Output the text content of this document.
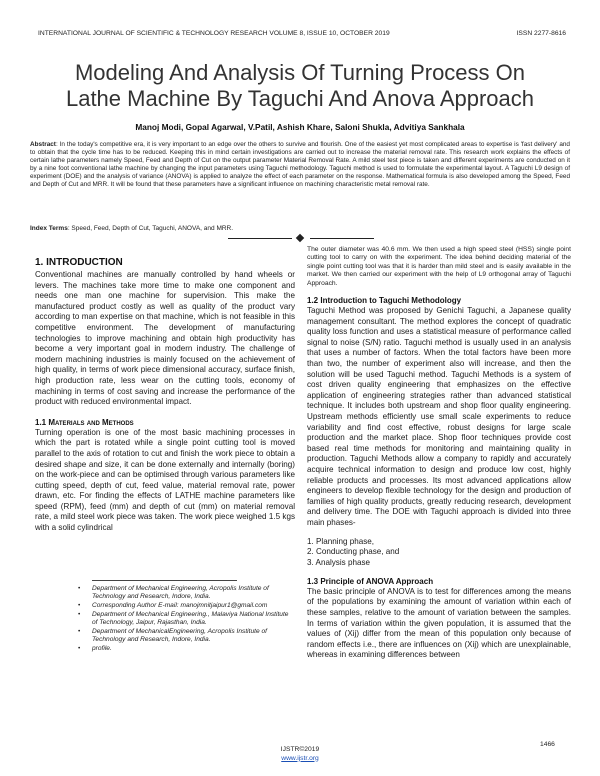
INTERNATIONAL JOURNAL OF SCIENTIFIC & TECHNOLOGY RESEARCH VOLUME 8, ISSUE 10, OCTOBER 2019	ISSN 2277-8616
Modeling And Analysis Of Turning Process On
Lathe Machine By Taguchi And Anova Approach
Manoj Modi, Gopal Agarwal, V.Patil, Ashish Khare, Saloni Shukla, Advitiya Sankhala
Abstract: In the today's competitive era, it is very important to an edge over the others to survive and flourish. One of the easiest yet most complicated areas to expertise is 'fast delivery' and to obtain that the cycle time has to be reduced. Keeping this in mind certain investigations are carried out to increase the material removal rate. This research work explains the effects of certain lathe parameters namely Speed, Feed and Depth of Cut on the output parameter Material Removal Rate. A mild steel test piece is taken and different experiments are conducted on it by a nine foot conventional lathe machine by changing the input parameters using Taguchi methodology. Taguchi method is used to formulate the experimental layout. A Taguchi L9 design of experiment (DOE) and the analysis of variance (ANOVA) is applied to analyze the effect of each parameter on the response. Mathematical formula is also developed among the Speed, Feed and Depth of Cut and MRR. It will be found that these parameters have a significant influence on machining characteristic metal removal rate.
Index Terms: Speed, Feed, Depth of Cut, Taguchi, ANOVA, and MRR.
1. INTRODUCTION

Conventional machines are manually controlled by hand wheels or levers. The machines take more time to make one component and needs one man one machine for supervision. This make the manufactured product costly as well as quality of the product vary according to man expertise on that machine, which is not feasible in this competitive environment. The development of manufacturing technologies to improve machining and obtain high productivity has become a very important goal in modern industry. The challenge of modern machining industries is mainly focused on the achievement of high quality, in terms of work piece dimensional accuracy, surface finish, high production rate, less wear on the cutting tools, economy of machining in terms of cost saving and increase the performance of the product with reduced environmental impact.

1.1 Materials and Methods

Turning operation is one of the most basic machining processes in which the part is rotated while a single point cutting tool is moved parallel to the axis of rotation to cut and finish the work piece to obtain a desired shape and size, it can be done externally and internally (boring) on the work-piece and can be optimised through various parameters like cutting speed, depth of cut, feed value, material removal rate, power drawn, etc. For finding the effects of LATHE machine parameters like speed (RPM), feed (mm) and depth of cut (mm) on material removal rate, a mild steel work piece was taken. The work piece weighed 1.5 kgs with a solid cylindrical

• Department of Mechanical Engineering, Acropolis Institute of Technology and Research, Indore, India.
• Corresponding Author E-mail: manojmnitjaipur1@gmail.com
• Department of Mechanical Engineering., Malaviya National Institute of Technology, Jaipur, Rajasthan, India.
• Department of MechanicalEngineering, Acropolis Institute of Technology and Research, Indore, India.
• profile.

The outer diameter was 40.6 mm. We then used a high speed steel (HSS) single point cutting tool to carry on with the experiment. The idea behind deciding material of the single point cutting tool was that it is harder than mild steel and is easily available in the market. We then carried our experiment with the help of L9 orthogonal array of Taguchi Approach.

1.2 Introduction to Taguchi Methodology

Taguchi Method was proposed by Genichi Taguchi, a Japanese quality management consultant. The method explores the concept of quadratic quality loss function and uses a statistical measure of performance called signal to noise (S/N) ratio. Taguchi method is usually used in an analysis that uses a number of factors. When the total factors have been more than two, the number of experiment also will increase, and then the solution will be used Taguchi method. Taguchi Methods is a system of cost driven quality engineering that emphasizes on the effective application of engineering strategies rather than advanced statistical technique. It includes both upstream and shop floor quality engineering. Upstream methods efficiently use small scale experiments to reduce variability and find cost effective, robust designs for large scale production and the market place. Shop floor techniques provide cost based real time methods for monitoring and maintaining quality in production. Taguchi Methods allow a company to rapidly and accurately acquire technical information to design and produce low cost, highly reliable products and processes. Its most advanced applications allow engineers to develop flexible technology for the design and production of families of high quality products, greatly reducing research, development and delivery time. The DOE with Taguchi approach is divided into three main phases-

1. Planning phase,
2. Conducting phase, and
3. Analysis phase
1.3 Principle of ANOVA Approach

The basic principle of ANOVA is to test for differences among the means of the populations by examining the amount of variation within each of these samples, relative to the amount of variation between the samples. In terms of variation within the given population, it is assumed that the values of (Xij) differ from the mean of this population only because of random effects i.e., there are influences on (Xij) which are unexplainable, whereas in examining differences between

1466
IJSTR©2019
www.ijstr.org
